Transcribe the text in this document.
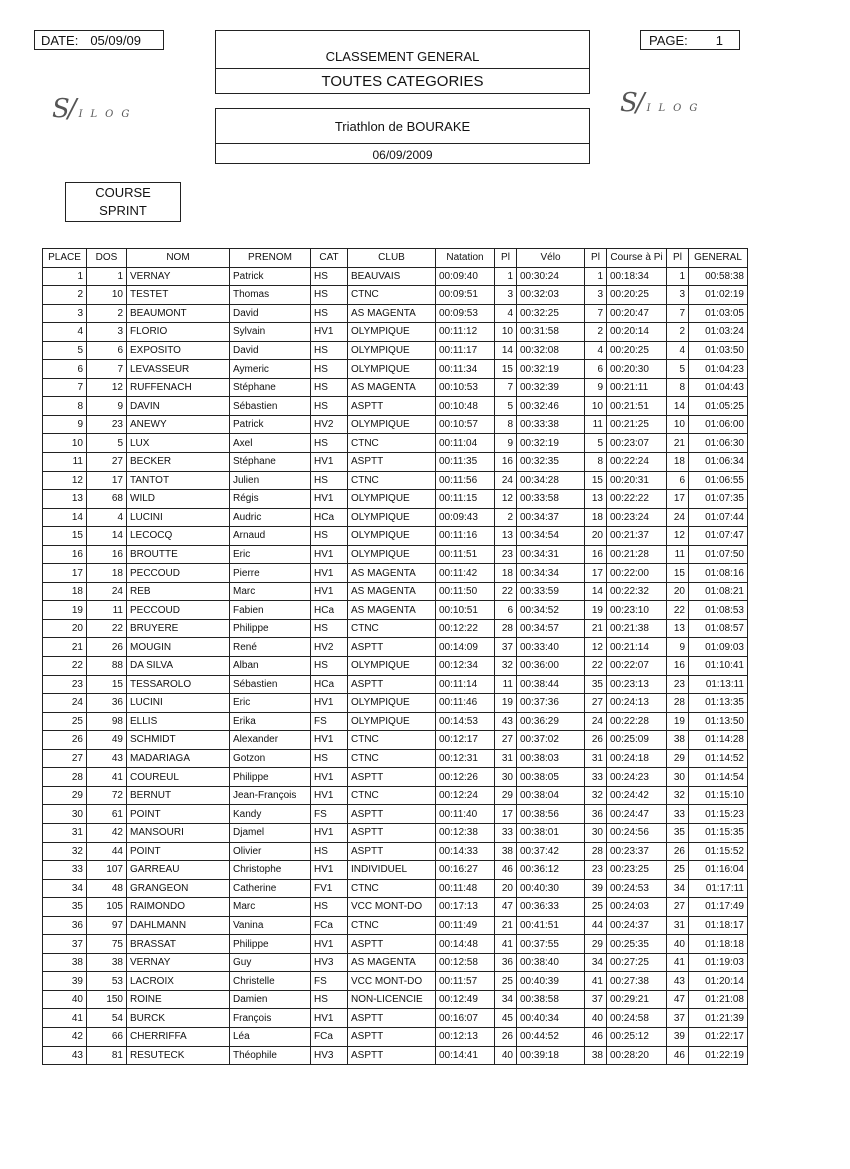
DATE: 05/09/09
CLASSEMENT GENERAL
TOUTES CATEGORIES
PAGE: 1
S/ ILOG	S/ ILOG
Triathlon de BOURAKE
06/09/2009
COURSE
SPRINT
PLACE	DOS	NOM	PRENOM	CAT	CLUB	Natation	Pl	Vélo	Pl	Course à Pi	Pl	GENERAL
1	1	VERNAY	Patrick	HS	BEAUVAIS	00:09:40	1	00:30:24	1	00:18:34	1	00:58:38
2	10	TESTET	Thomas	HS	CTNC	00:09:51	3	00:32:03	3	00:20:25	3	01:02:19
3	2	BEAUMONT	David	HS	AS MAGENTA	00:09:53	4	00:32:25	7	00:20:47	7	01:03:05
4	3	FLORIO	Sylvain	HV1	OLYMPIQUE	00:11:12	10	00:31:58	2	00:20:14	2	01:03:24
5	6	EXPOSITO	David	HS	OLYMPIQUE	00:11:17	14	00:32:08	4	00:20:25	4	01:03:50
6	7	LEVASSEUR	Aymeric	HS	OLYMPIQUE	00:11:34	15	00:32:19	6	00:20:30	5	01:04:23
7	12	RUFFENACH	Stéphane	HS	AS MAGENTA	00:10:53	7	00:32:39	9	00:21:11	8	01:04:43
8	9	DAVIN	Sébastien	HS	ASPTT	00:10:48	5	00:32:46	10	00:21:51	14	01:05:25
9	23	ANEWY	Patrick	HV2	OLYMPIQUE	00:10:57	8	00:33:38	11	00:21:25	10	01:06:00
10	5	LUX	Axel	HS	CTNC	00:11:04	9	00:32:19	5	00:23:07	21	01:06:30
11	27	BECKER	Stéphane	HV1	ASPTT	00:11:35	16	00:32:35	8	00:22:24	18	01:06:34
12	17	TANTOT	Julien	HS	CTNC	00:11:56	24	00:34:28	15	00:20:31	6	01:06:55
13	68	WILD	Régis	HV1	OLYMPIQUE	00:11:15	12	00:33:58	13	00:22:22	17	01:07:35
14	4	LUCINI	Audric	HCa	OLYMPIQUE	00:09:43	2	00:34:37	18	00:23:24	24	01:07:44
15	14	LECOCQ	Arnaud	HS	OLYMPIQUE	00:11:16	13	00:34:54	20	00:21:37	12	01:07:47
16	16	BROUTTE	Eric	HV1	OLYMPIQUE	00:11:51	23	00:34:31	16	00:21:28	11	01:07:50
17	18	PECCOUD	Pierre	HV1	AS MAGENTA	00:11:42	18	00:34:34	17	00:22:00	15	01:08:16
18	24	REB	Marc	HV1	AS MAGENTA	00:11:50	22	00:33:59	14	00:22:32	20	01:08:21
19	11	PECCOUD	Fabien	HCa	AS MAGENTA	00:10:51	6	00:34:52	19	00:23:10	22	01:08:53
20	22	BRUYERE	Philippe	HS	CTNC	00:12:22	28	00:34:57	21	00:21:38	13	01:08:57
21	26	MOUGIN	René	HV2	ASPTT	00:14:09	37	00:33:40	12	00:21:14	9	01:09:03
22	88	DA SILVA	Alban	HS	OLYMPIQUE	00:12:34	32	00:36:00	22	00:22:07	16	01:10:41
23	15	TESSAROLO	Sébastien	HCa	ASPTT	00:11:14	11	00:38:44	35	00:23:13	23	01:13:11
24	36	LUCINI	Eric	HV1	OLYMPIQUE	00:11:46	19	00:37:36	27	00:24:13	28	01:13:35
25	98	ELLIS	Erika	FS	OLYMPIQUE	00:14:53	43	00:36:29	24	00:22:28	19	01:13:50
26	49	SCHMIDT	Alexander	HV1	CTNC	00:12:17	27	00:37:02	26	00:25:09	38	01:14:28
27	43	MADARIAGA	Gotzon	HS	CTNC	00:12:31	31	00:38:03	31	00:24:18	29	01:14:52
28	41	COUREUL	Philippe	HV1	ASPTT	00:12:26	30	00:38:05	33	00:24:23	30	01:14:54
29	72	BERNUT	Jean-François	HV1	CTNC	00:12:24	29	00:38:04	32	00:24:42	32	01:15:10
30	61	POINT	Kandy	FS	ASPTT	00:11:40	17	00:38:56	36	00:24:47	33	01:15:23
31	42	MANSOURI	Djamel	HV1	ASPTT	00:12:38	33	00:38:01	30	00:24:56	35	01:15:35
32	44	POINT	Olivier	HS	ASPTT	00:14:33	38	00:37:42	28	00:23:37	26	01:15:52
33	107	GARREAU	Christophe	HV1	INDIVIDUEL	00:16:27	46	00:36:12	23	00:23:25	25	01:16:04
34	48	GRANGEON	Catherine	FV1	CTNC	00:11:48	20	00:40:30	39	00:24:53	34	01:17:11
35	105	RAIMONDO	Marc	HS	VCC MONT-DO	00:17:13	47	00:36:33	25	00:24:03	27	01:17:49
36	97	DAHLMANN	Vanina	FCa	CTNC	00:11:49	21	00:41:51	44	00:24:37	31	01:18:17
37	75	BRASSAT	Philippe	HV1	ASPTT	00:14:48	41	00:37:55	29	00:25:35	40	01:18:18
38	38	VERNAY	Guy	HV3	AS MAGENTA	00:12:58	36	00:38:40	34	00:27:25	41	01:19:03
39	53	LACROIX	Christelle	FS	VCC MONT-DO	00:11:57	25	00:40:39	41	00:27:38	43	01:20:14
40	150	ROINE	Damien	HS	NON-LICENCIE	00:12:49	34	00:38:58	37	00:29:21	47	01:21:08
41	54	BURCK	François	HV1	ASPTT	00:16:07	45	00:40:34	40	00:24:58	37	01:21:39
42	66	CHERRIFFA	Léa	FCa	ASPTT	00:12:13	26	00:44:52	46	00:25:12	39	01:22:17
43	81	RESUTECK	Théophile	HV3	ASPTT	00:14:41	40	00:39:18	38	00:28:20	46	01:22:19
